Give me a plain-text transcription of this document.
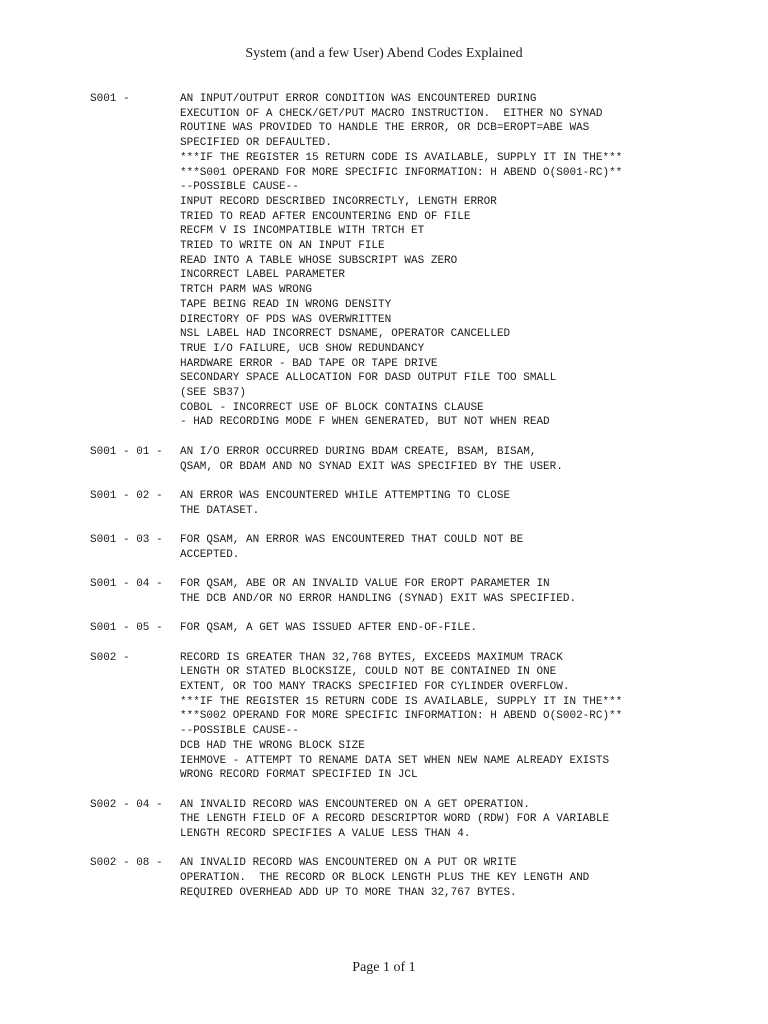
System (and a few User) Abend Codes Explained
S001 -	AN INPUT/OUTPUT ERROR CONDITION WAS ENCOUNTERED DURING
EXECUTION OF A CHECK/GET/PUT MACRO INSTRUCTION.  EITHER NO SYNAD
ROUTINE WAS PROVIDED TO HANDLE THE ERROR, OR DCB=EROPT=ABE WAS
SPECIFIED OR DEFAULTED.
***IF THE REGISTER 15 RETURN CODE IS AVAILABLE, SUPPLY IT IN THE***
***S001 OPERAND FOR MORE SPECIFIC INFORMATION: H ABEND O(S001-RC)**
--POSSIBLE CAUSE--
INPUT RECORD DESCRIBED INCORRECTLY, LENGTH ERROR
TRIED TO READ AFTER ENCOUNTERING END OF FILE
RECFM V IS INCOMPATIBLE WITH TRTCH ET
TRIED TO WRITE ON AN INPUT FILE
READ INTO A TABLE WHOSE SUBSCRIPT WAS ZERO
INCORRECT LABEL PARAMETER
TRTCH PARM WAS WRONG
TAPE BEING READ IN WRONG DENSITY
DIRECTORY OF PDS WAS OVERWRITTEN
NSL LABEL HAD INCORRECT DSNAME, OPERATOR CANCELLED
TRUE I/O FAILURE, UCB SHOW REDUNDANCY
HARDWARE ERROR - BAD TAPE OR TAPE DRIVE
SECONDARY SPACE ALLOCATION FOR DASD OUTPUT FILE TOO SMALL
(SEE SB37)
COBOL - INCORRECT USE OF BLOCK CONTAINS CLAUSE
- HAD RECORDING MODE F WHEN GENERATED, BUT NOT WHEN READ
S001 - 01 -	AN I/O ERROR OCCURRED DURING BDAM CREATE, BSAM, BISAM,
QSAM, OR BDAM AND NO SYNAD EXIT WAS SPECIFIED BY THE USER.
S001 - 02 -	AN ERROR WAS ENCOUNTERED WHILE ATTEMPTING TO CLOSE
THE DATASET.
S001 - 03 -	FOR QSAM, AN ERROR WAS ENCOUNTERED THAT COULD NOT BE
ACCEPTED.
S001 - 04 -	FOR QSAM, ABE OR AN INVALID VALUE FOR EROPT PARAMETER IN
THE DCB AND/OR NO ERROR HANDLING (SYNAD) EXIT WAS SPECIFIED.
S001 - 05 -	FOR QSAM, A GET WAS ISSUED AFTER END-OF-FILE.
S002 -	RECORD IS GREATER THAN 32,768 BYTES, EXCEEDS MAXIMUM TRACK
LENGTH OR STATED BLOCKSIZE, COULD NOT BE CONTAINED IN ONE
EXTENT, OR TOO MANY TRACKS SPECIFIED FOR CYLINDER OVERFLOW.
***IF THE REGISTER 15 RETURN CODE IS AVAILABLE, SUPPLY IT IN THE***
***S002 OPERAND FOR MORE SPECIFIC INFORMATION: H ABEND O(S002-RC)**
--POSSIBLE CAUSE--
DCB HAD THE WRONG BLOCK SIZE
IEHMOVE - ATTEMPT TO RENAME DATA SET WHEN NEW NAME ALREADY EXISTS
WRONG RECORD FORMAT SPECIFIED IN JCL
S002 - 04 -	AN INVALID RECORD WAS ENCOUNTERED ON A GET OPERATION.
THE LENGTH FIELD OF A RECORD DESCRIPTOR WORD (RDW) FOR A VARIABLE
LENGTH RECORD SPECIFIES A VALUE LESS THAN 4.
S002 - 08 -	AN INVALID RECORD WAS ENCOUNTERED ON A PUT OR WRITE
OPERATION.  THE RECORD OR BLOCK LENGTH PLUS THE KEY LENGTH AND
REQUIRED OVERHEAD ADD UP TO MORE THAN 32,767 BYTES.
Page 1 of 1
